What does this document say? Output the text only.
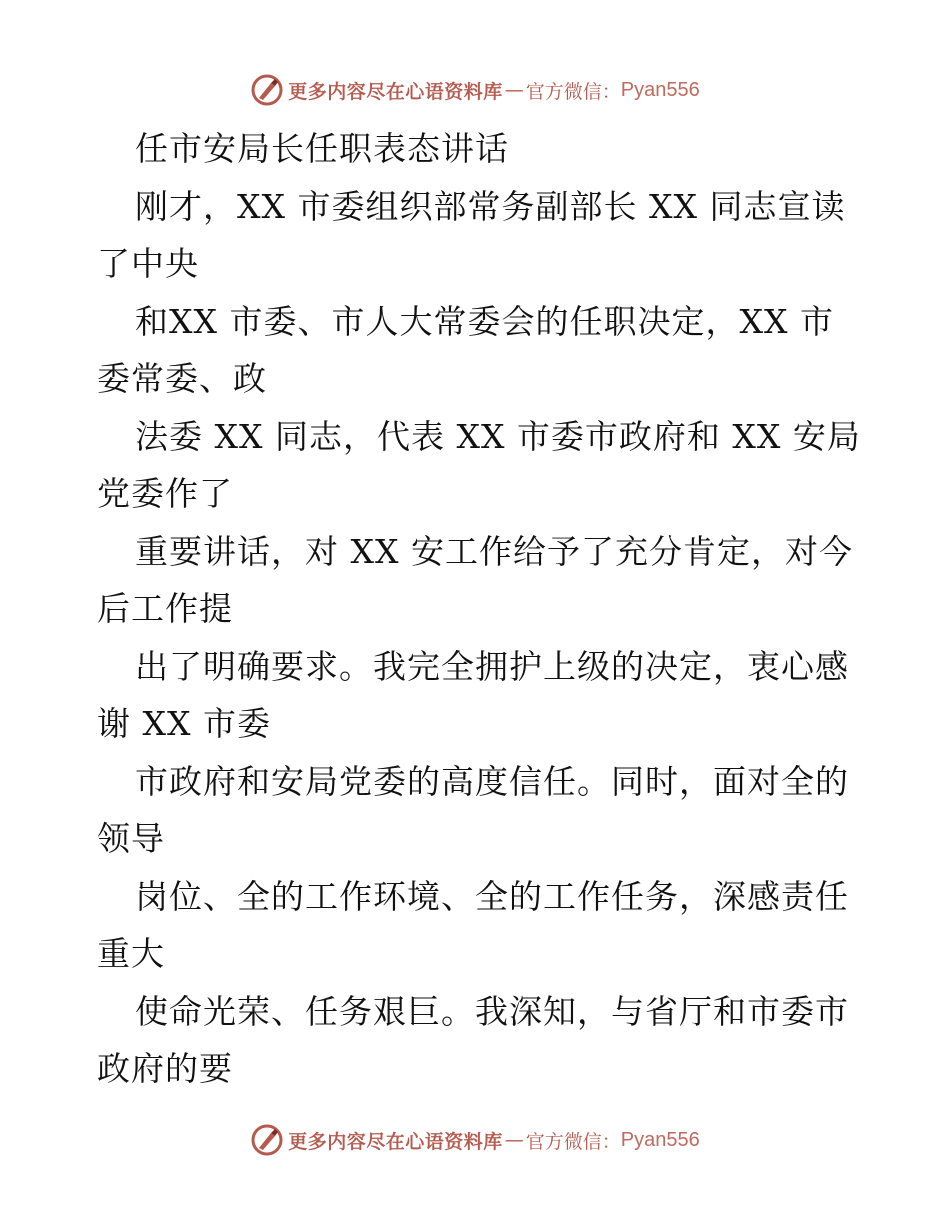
更多内容尽在心语资料库 — 官方微信： Pyan556
任市安局长任职表态讲话
刚才，XX 市委组织部常务副部长 XX 同志宣读
了中央
和XX 市委、市人大常委会的任职决定，XX 市
委常委、政
法委 XX 同志，代表 XX 市委市政府和 XX 安局
党委作了
重要讲话，对 XX 安工作给予了充分肯定，对今
后工作提
出了明确要求。我完全拥护上级的决定，衷心感
谢 XX 市委
市政府和安局党委的高度信任。同时，面对全的
领导
岗位、全的工作环境、全的工作任务，深感责任
重大
使命光荣、任务艰巨。我深知，与省厅和市委市
政府的要
更多内容尽在心语资料库 — 官方微信： Pyan556
